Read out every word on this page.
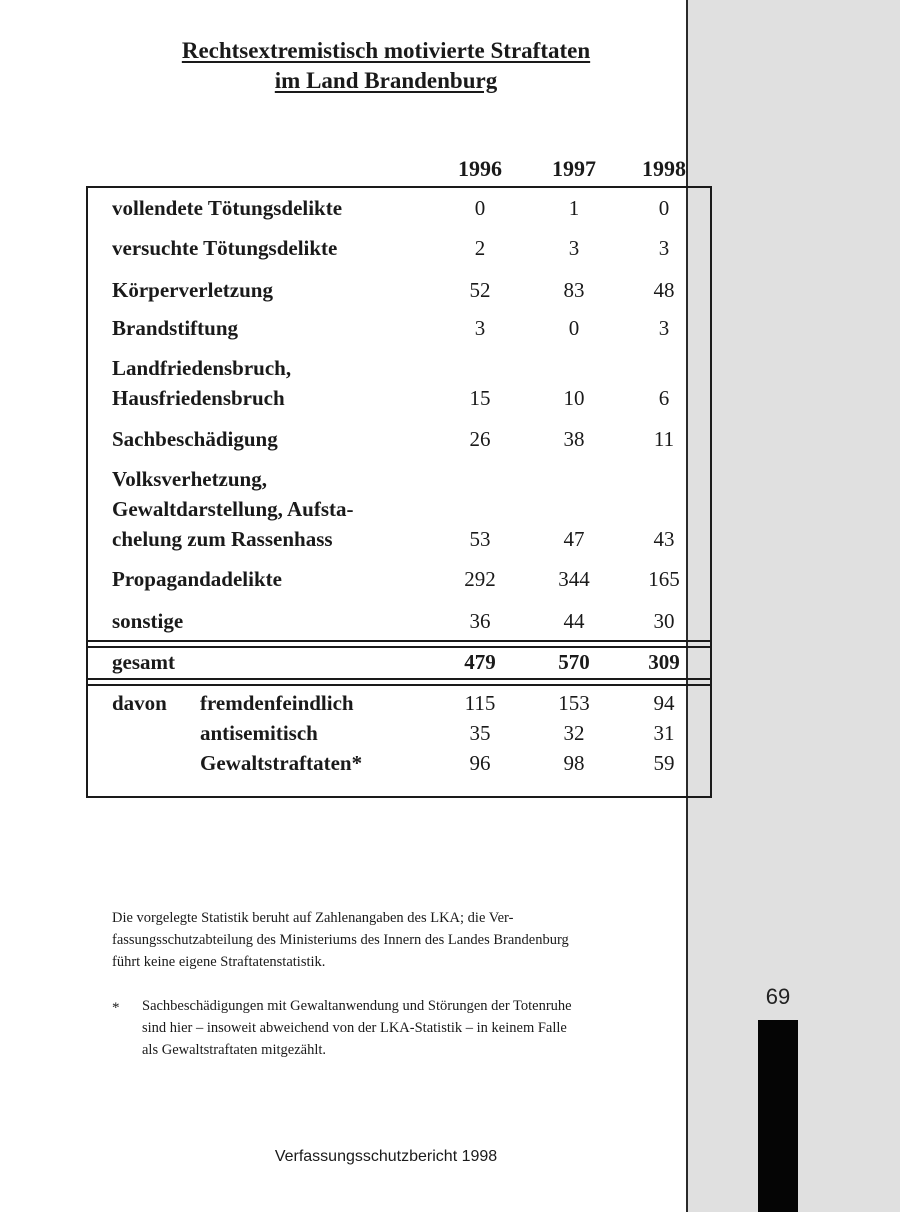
69
Rechtsextremistisch motivierte Straftaten
im Land Brandenburg
1996	1997	1998
vollendete Tötungsdelikte	0	1	0
versuchte Tötungsdelikte	2	3	3
Körperverletzung	52	83	48
Brandstiftung	3	0	3
Landfriedensbruch,
Hausfriedensbruch	15	10	6
Sachbeschädigung	26	38	11
Volksverhetzung,
Gewaltdarstellung, Aufsta-
chelung zum Rassenhass	53	47	43
Propagandadelikte	292	344	165
sonstige	36	44	30
gesamt	479	570	309
davon fremdenfeindlich	115	153	94
antisemitisch	35	32	31
Gewaltstraftaten*	96	98	59
Die vorgelegte Statistik beruht auf Zahlenangaben des LKA; die Ver-
fassungsschutzabteilung des Ministeriums des Innern des Landes Brandenburg
führt keine eigene Straftatenstatistik.
* Sachbeschädigungen mit Gewaltanwendung und Störungen der Totenruhe
sind hier – insoweit abweichend von der LKA-Statistik – in keinem Falle
als Gewaltstraftaten mitgezählt.
Verfassungsschutzbericht 1998
